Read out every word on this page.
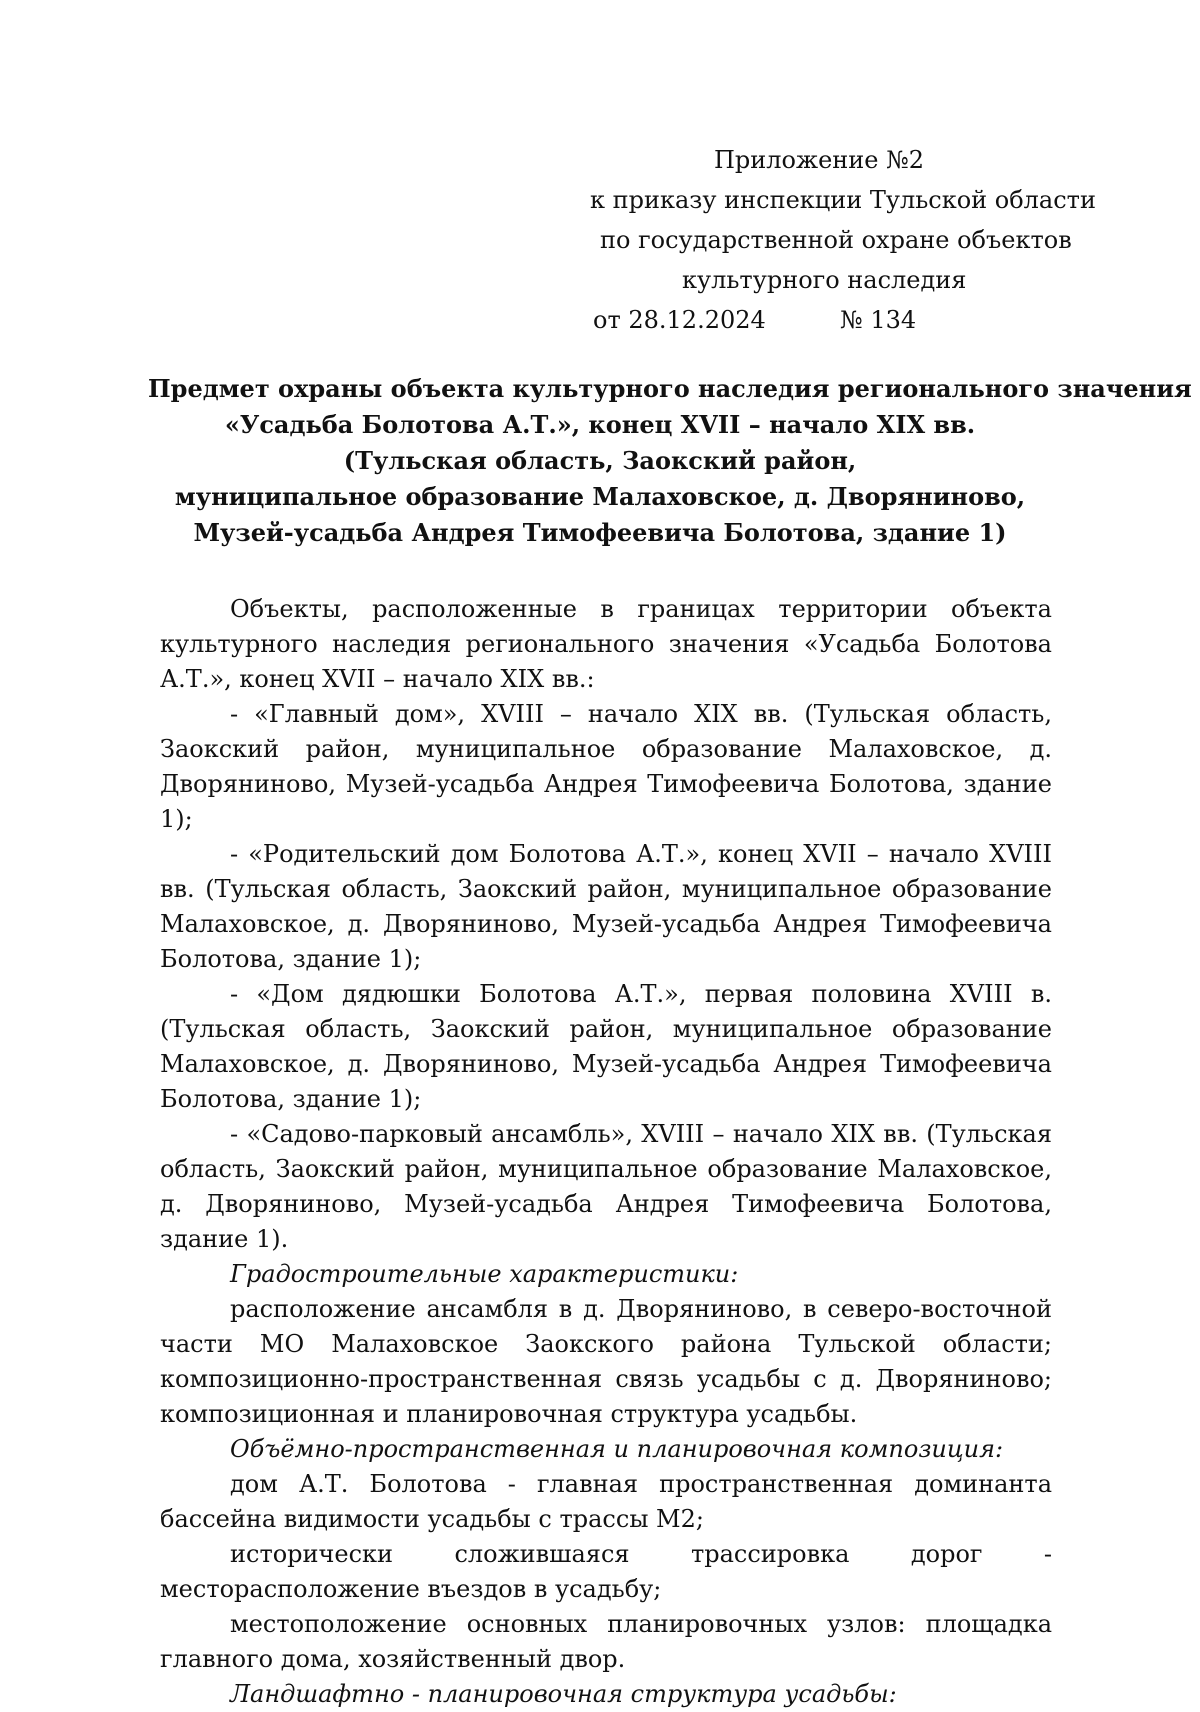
Приложение №2
к приказу инспекции Тульской области
по государственной охране объектов
культурного наследия
от 28.12.2024	№ 134
Предмет охраны объекта культурного наследия регионального значения
«Усадьба Болотова А.Т.», конец XVII – начало XIX вв.
(Тульская область, Заокский район,
муниципальное образование Малаховское, д. Дворяниново,
Музей-усадьба Андрея Тимофеевича Болотова, здание 1)

Объекты, расположенные в границах территории объекта культурного наследия регионального значения «Усадьба Болотова А.Т.», конец XVII – начало XIX вв.:

- «Главный дом», XVIII – начало XIX вв. (Тульская область, Заокский район, муниципальное образование Малаховское, д. Дворяниново, Музей-усадьба Андрея Тимофеевича Болотова, здание 1);

- «Родительский дом Болотова А.Т.», конец XVII – начало XVIII вв. (Тульская область, Заокский район, муниципальное образование Малаховское, д. Дворяниново, Музей-усадьба Андрея Тимофеевича Болотова, здание 1);

- «Дом дядюшки Болотова А.Т.», первая половина XVIII в. (Тульская область, Заокский район, муниципальное образование Малаховское, д. Дворяниново, Музей-усадьба Андрея Тимофеевича Болотова, здание 1);

- «Садово-парковый ансамбль», XVIII – начало XIX вв. (Тульская область, Заокский район, муниципальное образование Малаховское, д. Дворяниново, Музей-усадьба Андрея Тимофеевича Болотова, здание 1).

Градостроительные характеристики:

расположение ансамбля в д. Дворяниново, в северо-восточной части МО Малаховское Заокского района Тульской области; композиционно-пространственная связь усадьбы с д. Дворяниново; композиционная и планировочная структура усадьбы.

Объёмно-пространственная и планировочная композиция:

дом А.Т. Болотова - главная пространственная доминанта бассейна видимости усадьбы с трассы М2;

исторически сложившаяся трассировка дорог - месторасположение въездов в усадьбу;

местоположение основных планировочных узлов: площадка главного дома, хозяйственный двор.

Ландшафтно - планировочная структура усадьбы:
